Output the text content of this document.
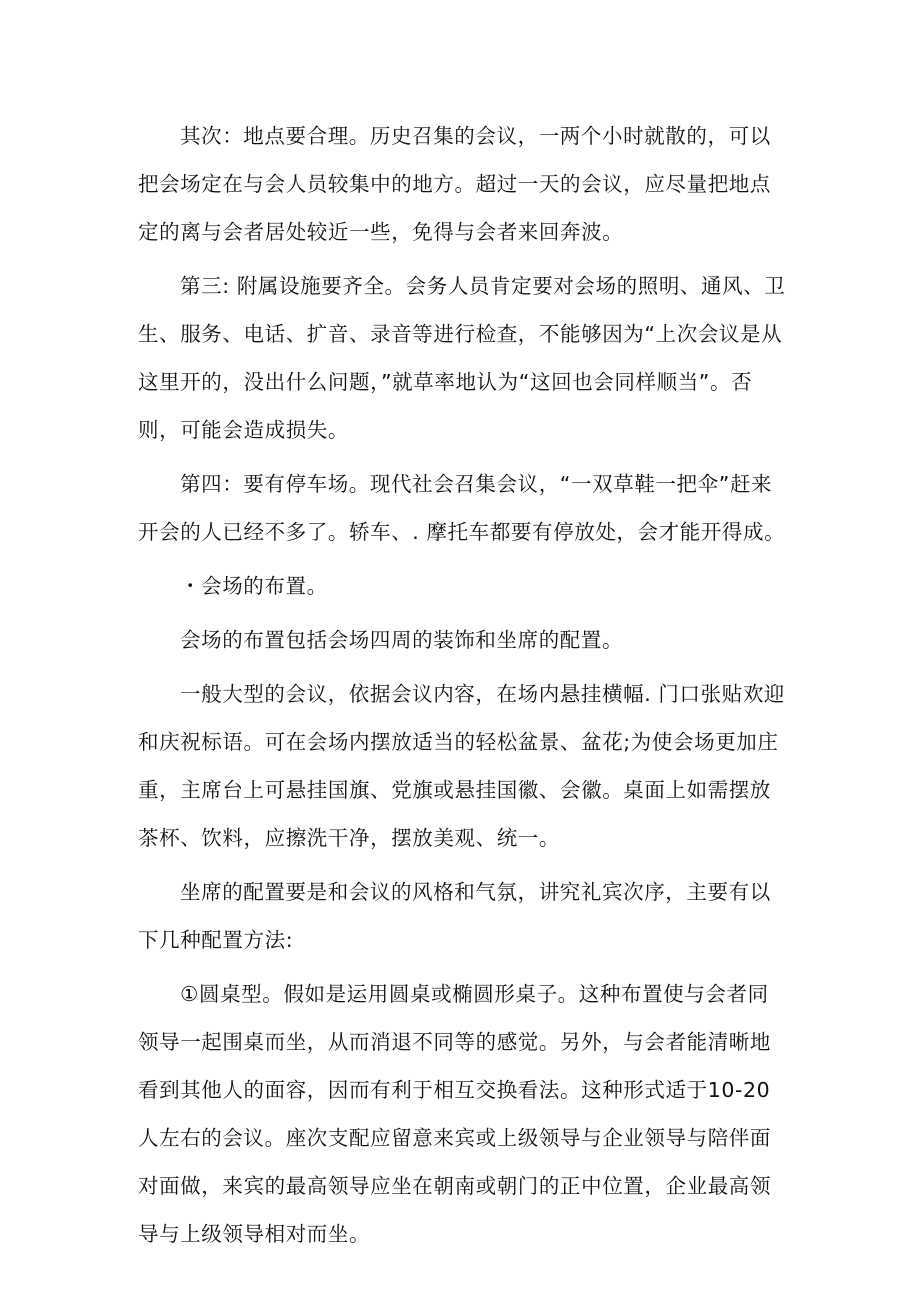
其次：地点要合理。历史召集的会议，一两个小时就散的，可以把会场定在与会人员较集中的地方。超过一天的会议，应尽量把地点定的离与会者居处较近一些，免得与会者来回奔波。

第三: 附属设施要齐全。会务人员肯定要对会场的照明、通风、卫生、服务、电话、扩音、录音等进行检查，不能够因为“上次会议是从这里开的，没出什么问题，”就草率地认为“这回也会同样顺当”。否则，可能会造成损失。

第四：要有停车场。现代社会召集会议，“一双草鞋一把伞”赶来开会的人已经不多了。轿车、. 摩托车都要有停放处，会才能开得成。

・会场的布置。

会场的布置包括会场四周的装饰和坐席的配置。

一般大型的会议，依据会议内容，在场内悬挂横幅. 门口张贴欢迎和庆祝标语。可在会场内摆放适当的轻松盆景、盆花;为使会场更加庄重，主席台上可悬挂国旗、党旗或悬挂国徽、会徽。桌面上如需摆放茶杯、饮料，应擦洗干净，摆放美观、统一。

坐席的配置要是和会议的风格和气氛，讲究礼宾次序，主要有以下几种配置方法:

①圆桌型。假如是运用圆桌或椭圆形桌子。这种布置使与会者同领导一起围桌而坐，从而消退不同等的感觉。另外，与会者能清晰地看到其他人的面容，因而有利于相互交换看法。这种形式适于10-20人左右的会议。座次支配应留意来宾或上级领导与企业领导与陪伴面对面做，来宾的最高领导应坐在朝南或朝门的正中位置，企业最高领导与上级领导相对而坐。
